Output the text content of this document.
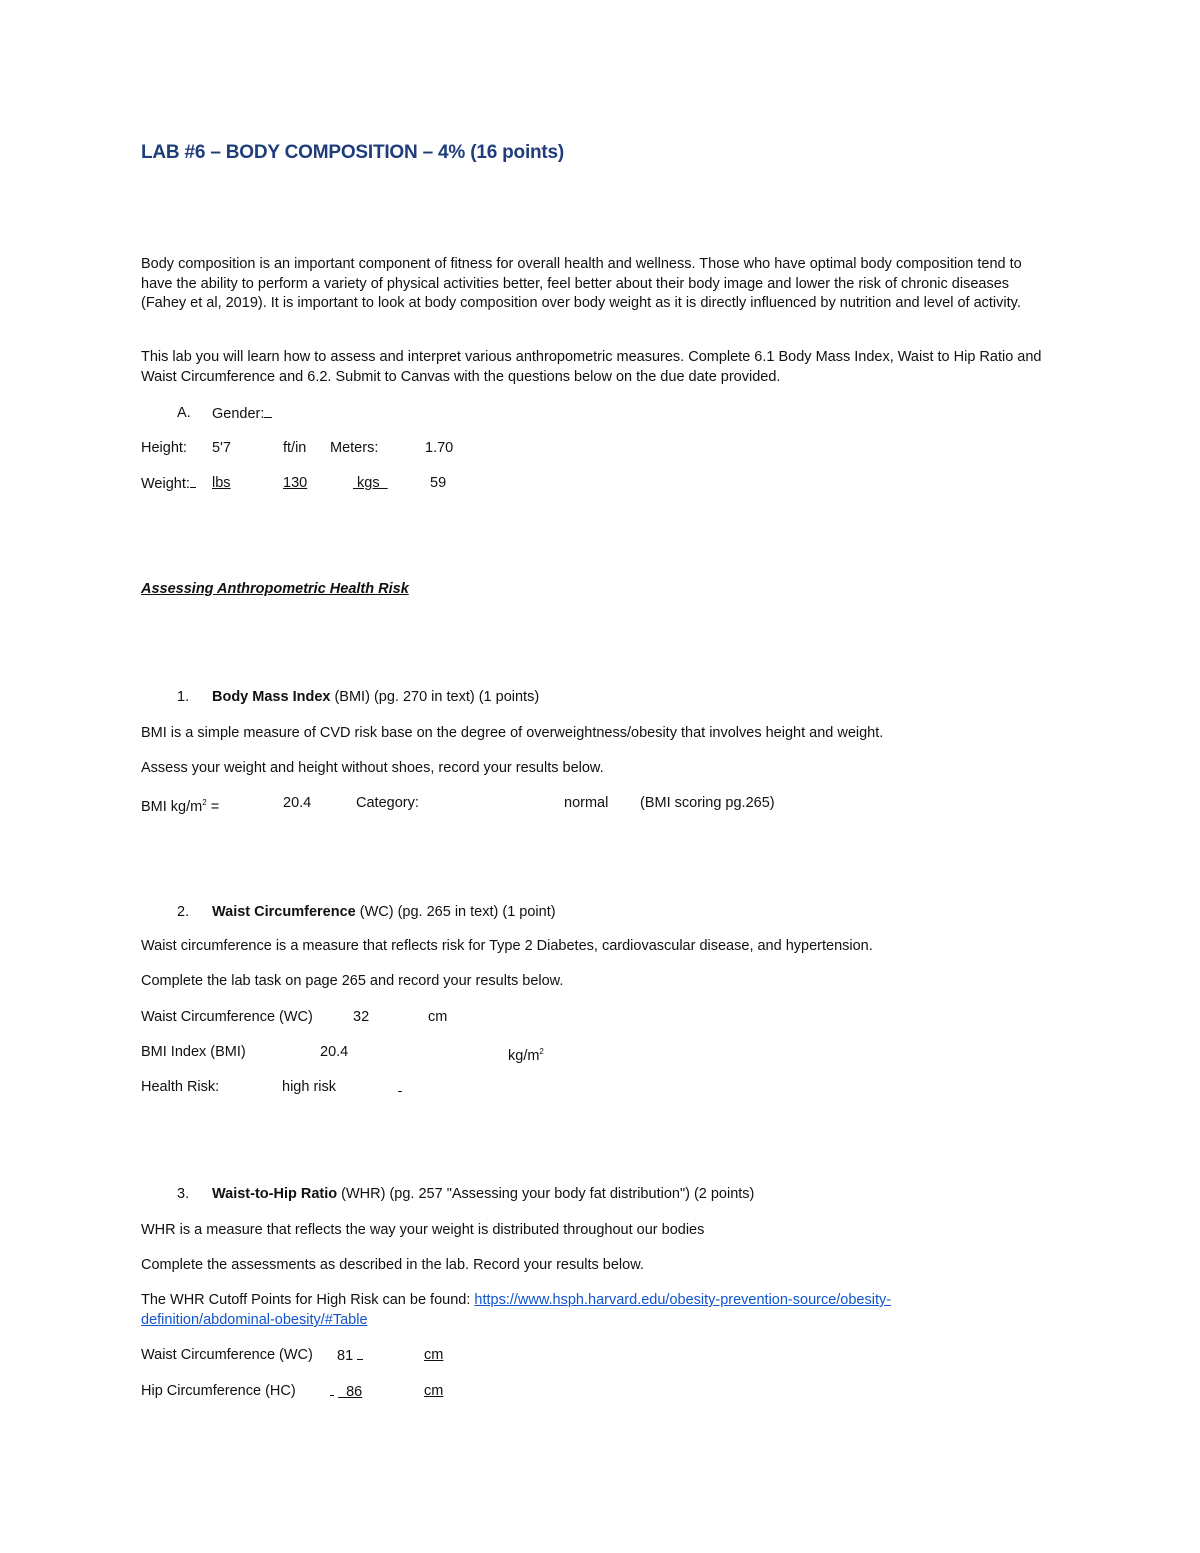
LAB #6 – BODY COMPOSITION – 4% (16 points)
Body composition is an important component of fitness for overall health and wellness. Those who have optimal body composition tend to have the ability to perform a variety of physical activities better, feel better about their body image and lower the risk of chronic diseases (Fahey et al, 2019). It is important to look at body composition over body weight as it is directly influenced by nutrition and level of activity.
This lab you will learn how to assess and interpret various anthropometric measures. Complete 6.1 Body Mass Index, Waist to Hip Ratio and Waist Circumference and 6.2. Submit to Canvas with the questions below on the due date provided.
A. Gender:
Height: 5'7	ft/in Meters:	1.70
Weight:	lbs	130	kgs	59
Assessing Anthropometric Health Risk
1. Body Mass Index (BMI) (pg. 270 in text) (1 points)
BMI is a simple measure of CVD risk base on the degree of overweightness/obesity that involves height and weight.
Assess your weight and height without shoes, record your results below.
BMI $kg/m^2$ =	20.4	Category:	normal (BMI scoring pg.265)
2. Waist Circumference (WC) (pg. 265 in text) (1 point)
Waist circumference is a measure that reflects risk for Type 2 Diabetes, cardiovascular disease, and hypertension.
Complete the lab task on page 265 and record your results below.
Waist Circumference (WC)	32	cm
BMI Index (BMI)	20.4	$kg/m^2$
Health Risk:	high risk
3. Waist-to-Hip Ratio (WHR) (pg. 257 "Assessing your body fat distribution") (2 points)
WHR is a measure that reflects the way your weight is distributed throughout our bodies
Complete the assessments as described in the lab. Record your results below.
The WHR Cutoff Points for High Risk can be found: https://www.hsph.harvard.edu/obesity-prevention-source/obesity-
definition/abdominal-obesity/#Table
Waist Circumference (WC) 81	cm
Hip Circumference (HC)	86	cm
